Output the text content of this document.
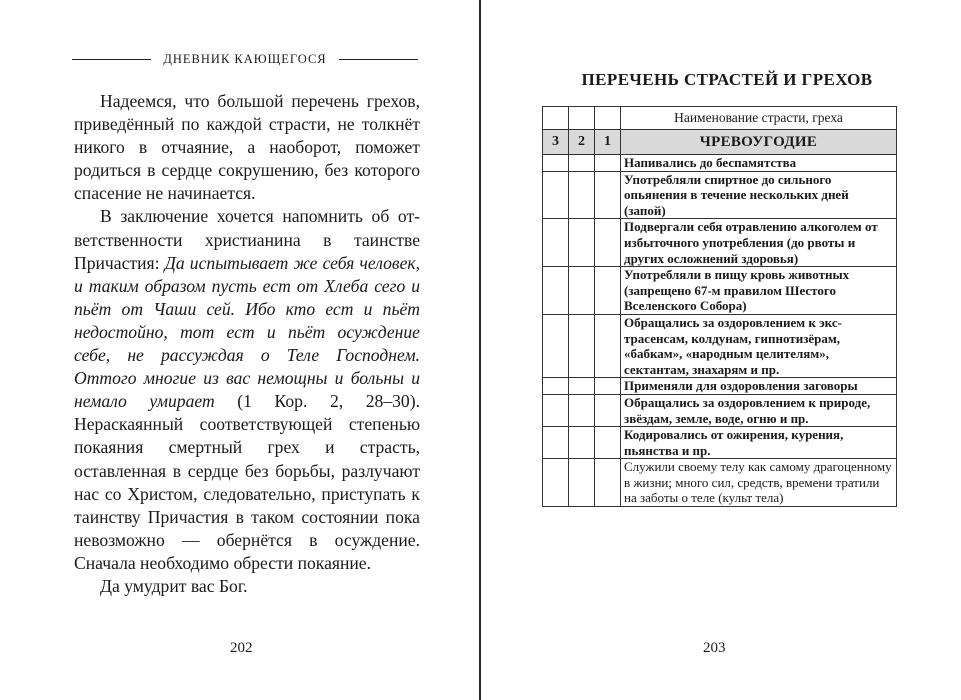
ДНЕВНИК КАЮЩЕГОСЯ

Надеемся, что большой перечень грехов, приведённый по каждой страсти, не толкнёт никого в отчаяние, а наоборот, поможет родиться в сердце сокрушению, без которого спасение не начинается.

В заключение хочется напомнить об ответственности христианина в таинстве Причастия: Да испытывает же себя человек, и таким образом пусть ест от Хлеба сего и пьёт от Чаши сей. Ибо кто ест и пьёт недостойно, тот ест и пьёт осуждение себе, не рассуждая о Теле Господнем. Оттого многие из вас немощны и больны и немало умирает (1 Кор. 2, 28–30). Нераскаянный соответствующей степенью покаяния смертный грех и страсть, оставленная в сердце без борьбы, разлучают нас со Христом, следовательно, приступать к таинству Причастия в таком состоянии пока невозможно — обернётся в осуждение. Сначала необходимо обрести покаяние.

Да умудрит вас Бог.

202
ПЕРЕЧЕНЬ СТРАСТЕЙ И ГРЕХОВ
			Наименование страсти, греха
3	2	1	ЧРЕВОУГОДИЕ
			Напивались до беспамятства
			Употребляли спиртное до сильного опьянения в течение нескольких дней (запой)
			Подвергали себя отравлению алкоголем от избыточного употребления (до рвоты и других осложнений здоровья)
			Употребляли в пищу кровь животных (запрещено 67-м правилом Шестого Вселенского Собора)
			Обращались за оздоровлением к экстрасенсам, колдунам, гипнотизёрам, «бабкам», «народным целителям», сектантам, знахарям и пр.
			Применяли для оздоровления заговоры
			Обращались за оздоровлением к природе, звёздам, земле, воде, огню и пр.
			Кодировались от ожирения, курения, пьянства и пр.
			Служили своему телу как самому драгоценному в жизни; много сил, средств, времени тратили на заботы о теле (культ тела)
203
